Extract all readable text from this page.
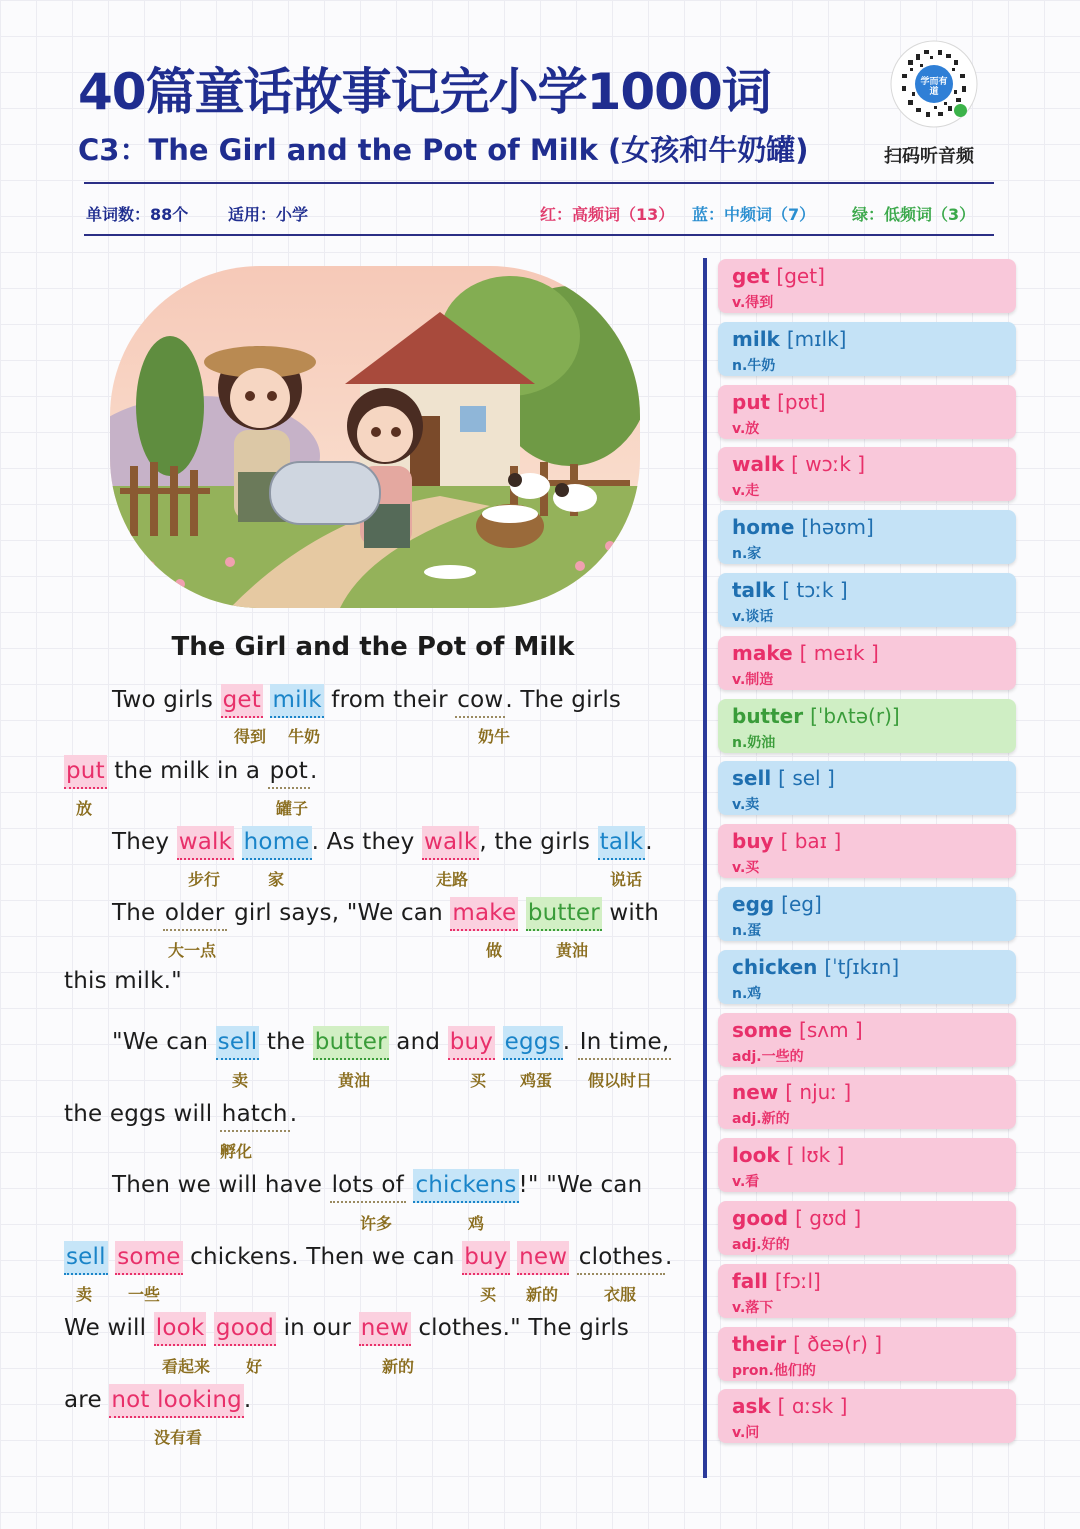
40篇童话故事记完小学1000词
C3：The Girl and the Pot of Milk (女孩和牛奶罐)
学而有道
扫码听音频
单词数：88个 适用：小学	红：高频词（13） 蓝：中频词（7） 绿：低频词（3）
The Girl and the Pot of Milk
Two girls get milk from their cow. The girls
得到 牛奶	奶牛
put the milk in a pot.
放	罐子
They walk home. As they walk, the girls talk.
步行	家	走路	说话
The older girl says, "We can make butter with
大一点	做	黄油
this milk."
"We can sell the butter and buy eggs. In time,
卖	黄油	买 鸡蛋 假以时日
the eggs will hatch.
孵化
Then we will have lots of chickens!" "We can
许多	鸡
sell some chickens. Then we can buy new clothes.
卖 一些	买 新的	衣服
We will look good in our new clothes." The girls
看起来 好	新的
are not looking.
没有看
get [get]
v.得到
milk [mɪlk]
n.牛奶
put [pʊt]
v.放
walk [ wɔːk ]
v.走
home [həʊm]
n.家
talk [ tɔːk ]
v.谈话
make [ meɪk ]
v.制造
butter [ˈbʌtə(r)]
n.奶油
sell [ sel ]
v.卖
buy [ baɪ ]
v.买
egg [eg]
n.蛋
chicken [ˈtʃɪkɪn]
n.鸡
some [sʌm ]
adj.一些的
new [ njuː ]
adj.新的
look [ lʊk ]
v.看
good [ gʊd ]
adj.好的
fall [fɔːl]
v.落下
their [ ðeə(r) ]
pron.他们的
ask [ ɑːsk ]
v.问
